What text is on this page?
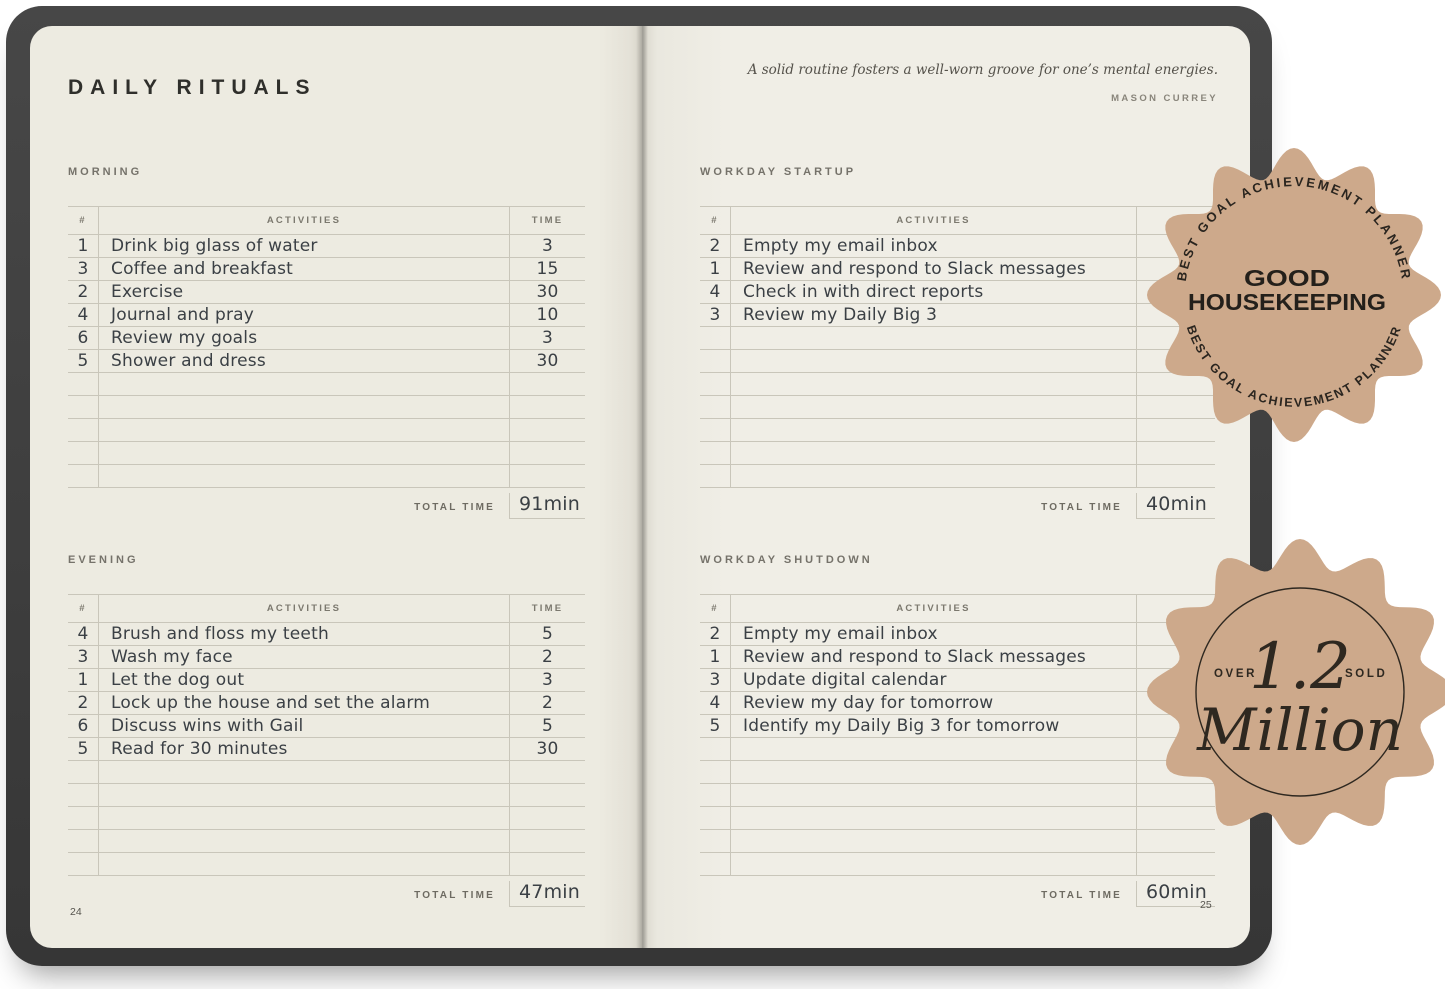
DAILY RITUALS
MORNING
#	ACTIVITIES	TIME
1	Drink big glass of water	3
3	Coffee and breakfast	15
2	Exercise	30
4	Journal and pray	10
6	Review my goals	3
5	Shower and dress	30
TOTAL TIME	91min
EVENING
#	ACTIVITIES	TIME
4	Brush and floss my teeth	5
3	Wash my face	2
1	Let the dog out	3
2	Lock up the house and set the alarm	2
6	Discuss wins with Gail	5
5	Read for 30 minutes	30
TOTAL TIME	47min
24
A solid routine fosters a well-worn groove for one’s mental energies.
MASON CURREY
WORKDAY STARTUP
#	ACTIVITIES
2	Empty my email inbox
1	Review and respond to Slack messages
4	Check in with direct reports
3	Review my Daily Big 3
TOTAL TIME	40min
WORKDAY SHUTDOWN
#	ACTIVITIES
2	Empty my email inbox
1	Review and respond to Slack messages
3	Update digital calendar
4	Review my day for tomorrow
5	Identify my Daily Big 3 for tomorrow
TOTAL TIME	60min
25
BEST GOAL ACHIEVEMENT PLANNER
BEST GOAL ACHIEVEMENT PLANNER
GOOD
HOUSEKEEPING
OVER
1.2
SOLD
Million
